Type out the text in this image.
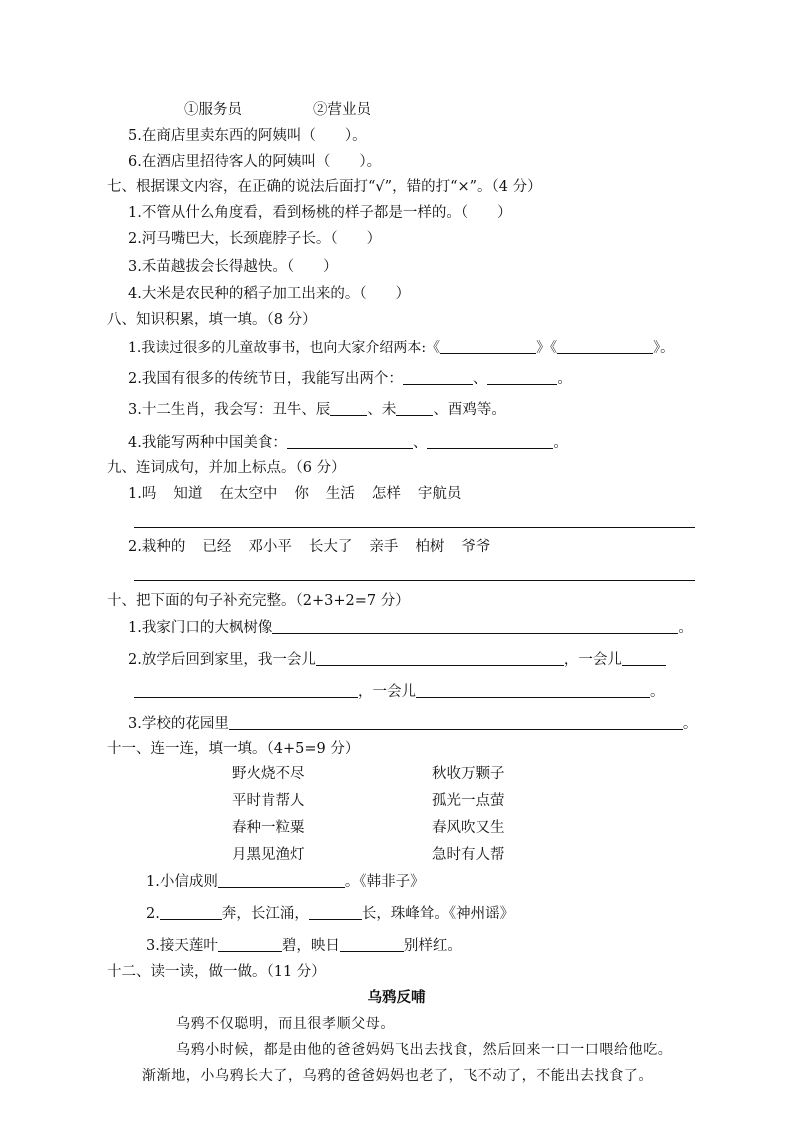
①服务员	②营业员
5.在商店里卖东西的阿姨叫（　　）。
6.在酒店里招待客人的阿姨叫（　　）。
七、根据课文内容，在正确的说法后面打“√”，错的打“×”。（4 分）
1.不管从什么角度看，看到杨桃的样子都是一样的。（　　）
2.河马嘴巴大，长颈鹿脖子长。（　　）
3.禾苗越拔会长得越快。（　　）
4.大米是农民种的稻子加工出来的。（　　）
八、知识积累，填一填。（8 分）
1.我读过很多的儿童故事书，也向大家介绍两本:《	》《	》。
2.我国有很多的传统节日，我能写出两个：	、	。
3.十二生肖，我会写：丑牛、辰	、未	、酉鸡等。
4.我能写两种中国美食：	、	。
九、连词成句，并加上标点。（6 分）
1.吗 知道 在太空中 你 生活 怎样 宇航员
2.栽种的 已经 邓小平 长大了 亲手 柏树 爷爷
十、把下面的句子补充完整。（2+3+2=7 分）
1.我家门口的大枫树像	。
2.放学后回到家里，我一会儿	，一会儿
，一会儿	。
3.学校的花园里	。
十一、连一连，填一填。（4+5=9 分）
野火烧不尽	秋收万颗子
平时肯帮人	孤光一点萤
春种一粒粟	春风吹又生
月黑见渔灯	急时有人帮
1.小信成则	。《韩非子》
2.	奔，长江涌，	长，珠峰耸。《神州谣》
3.接天莲叶	碧，映日	别样红。
十二、读一读，做一做。（11 分）
乌鸦反哺
乌鸦不仅聪明，而且很孝顺父母。
乌鸦小时候，都是由他的爸爸妈妈飞出去找食，然后回来一口一口喂给他吃。
渐渐地，小乌鸦长大了，乌鸦的爸爸妈妈也老了，飞不动了，不能出去找食了。
